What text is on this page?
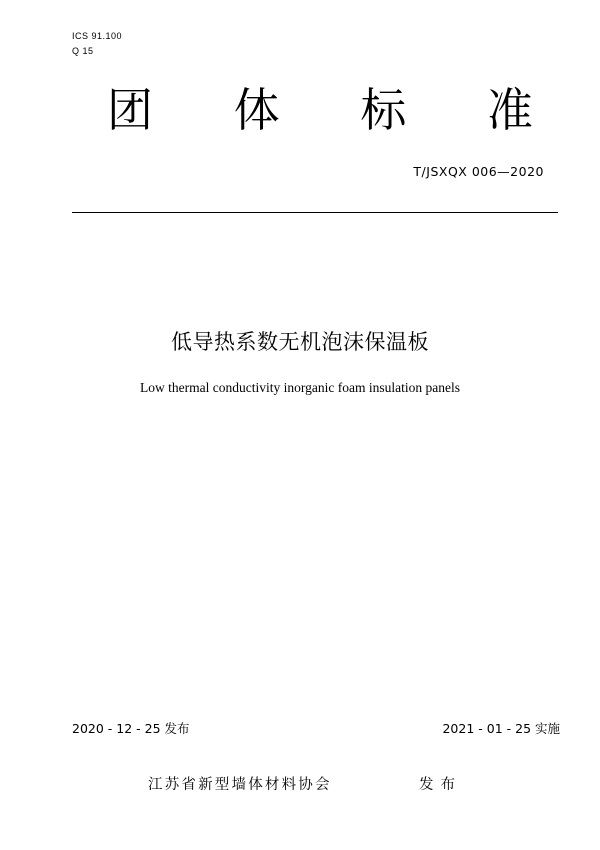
ICS 91.100
Q 15
团 体 标 准
T/JSXQX 006—2020
低导热系数无机泡沫保温板
Low thermal conductivity inorganic foam insulation panels
2020 - 12 - 25 发布	2021 - 01 - 25 实施
江苏省新型墙体材料协会	发布
